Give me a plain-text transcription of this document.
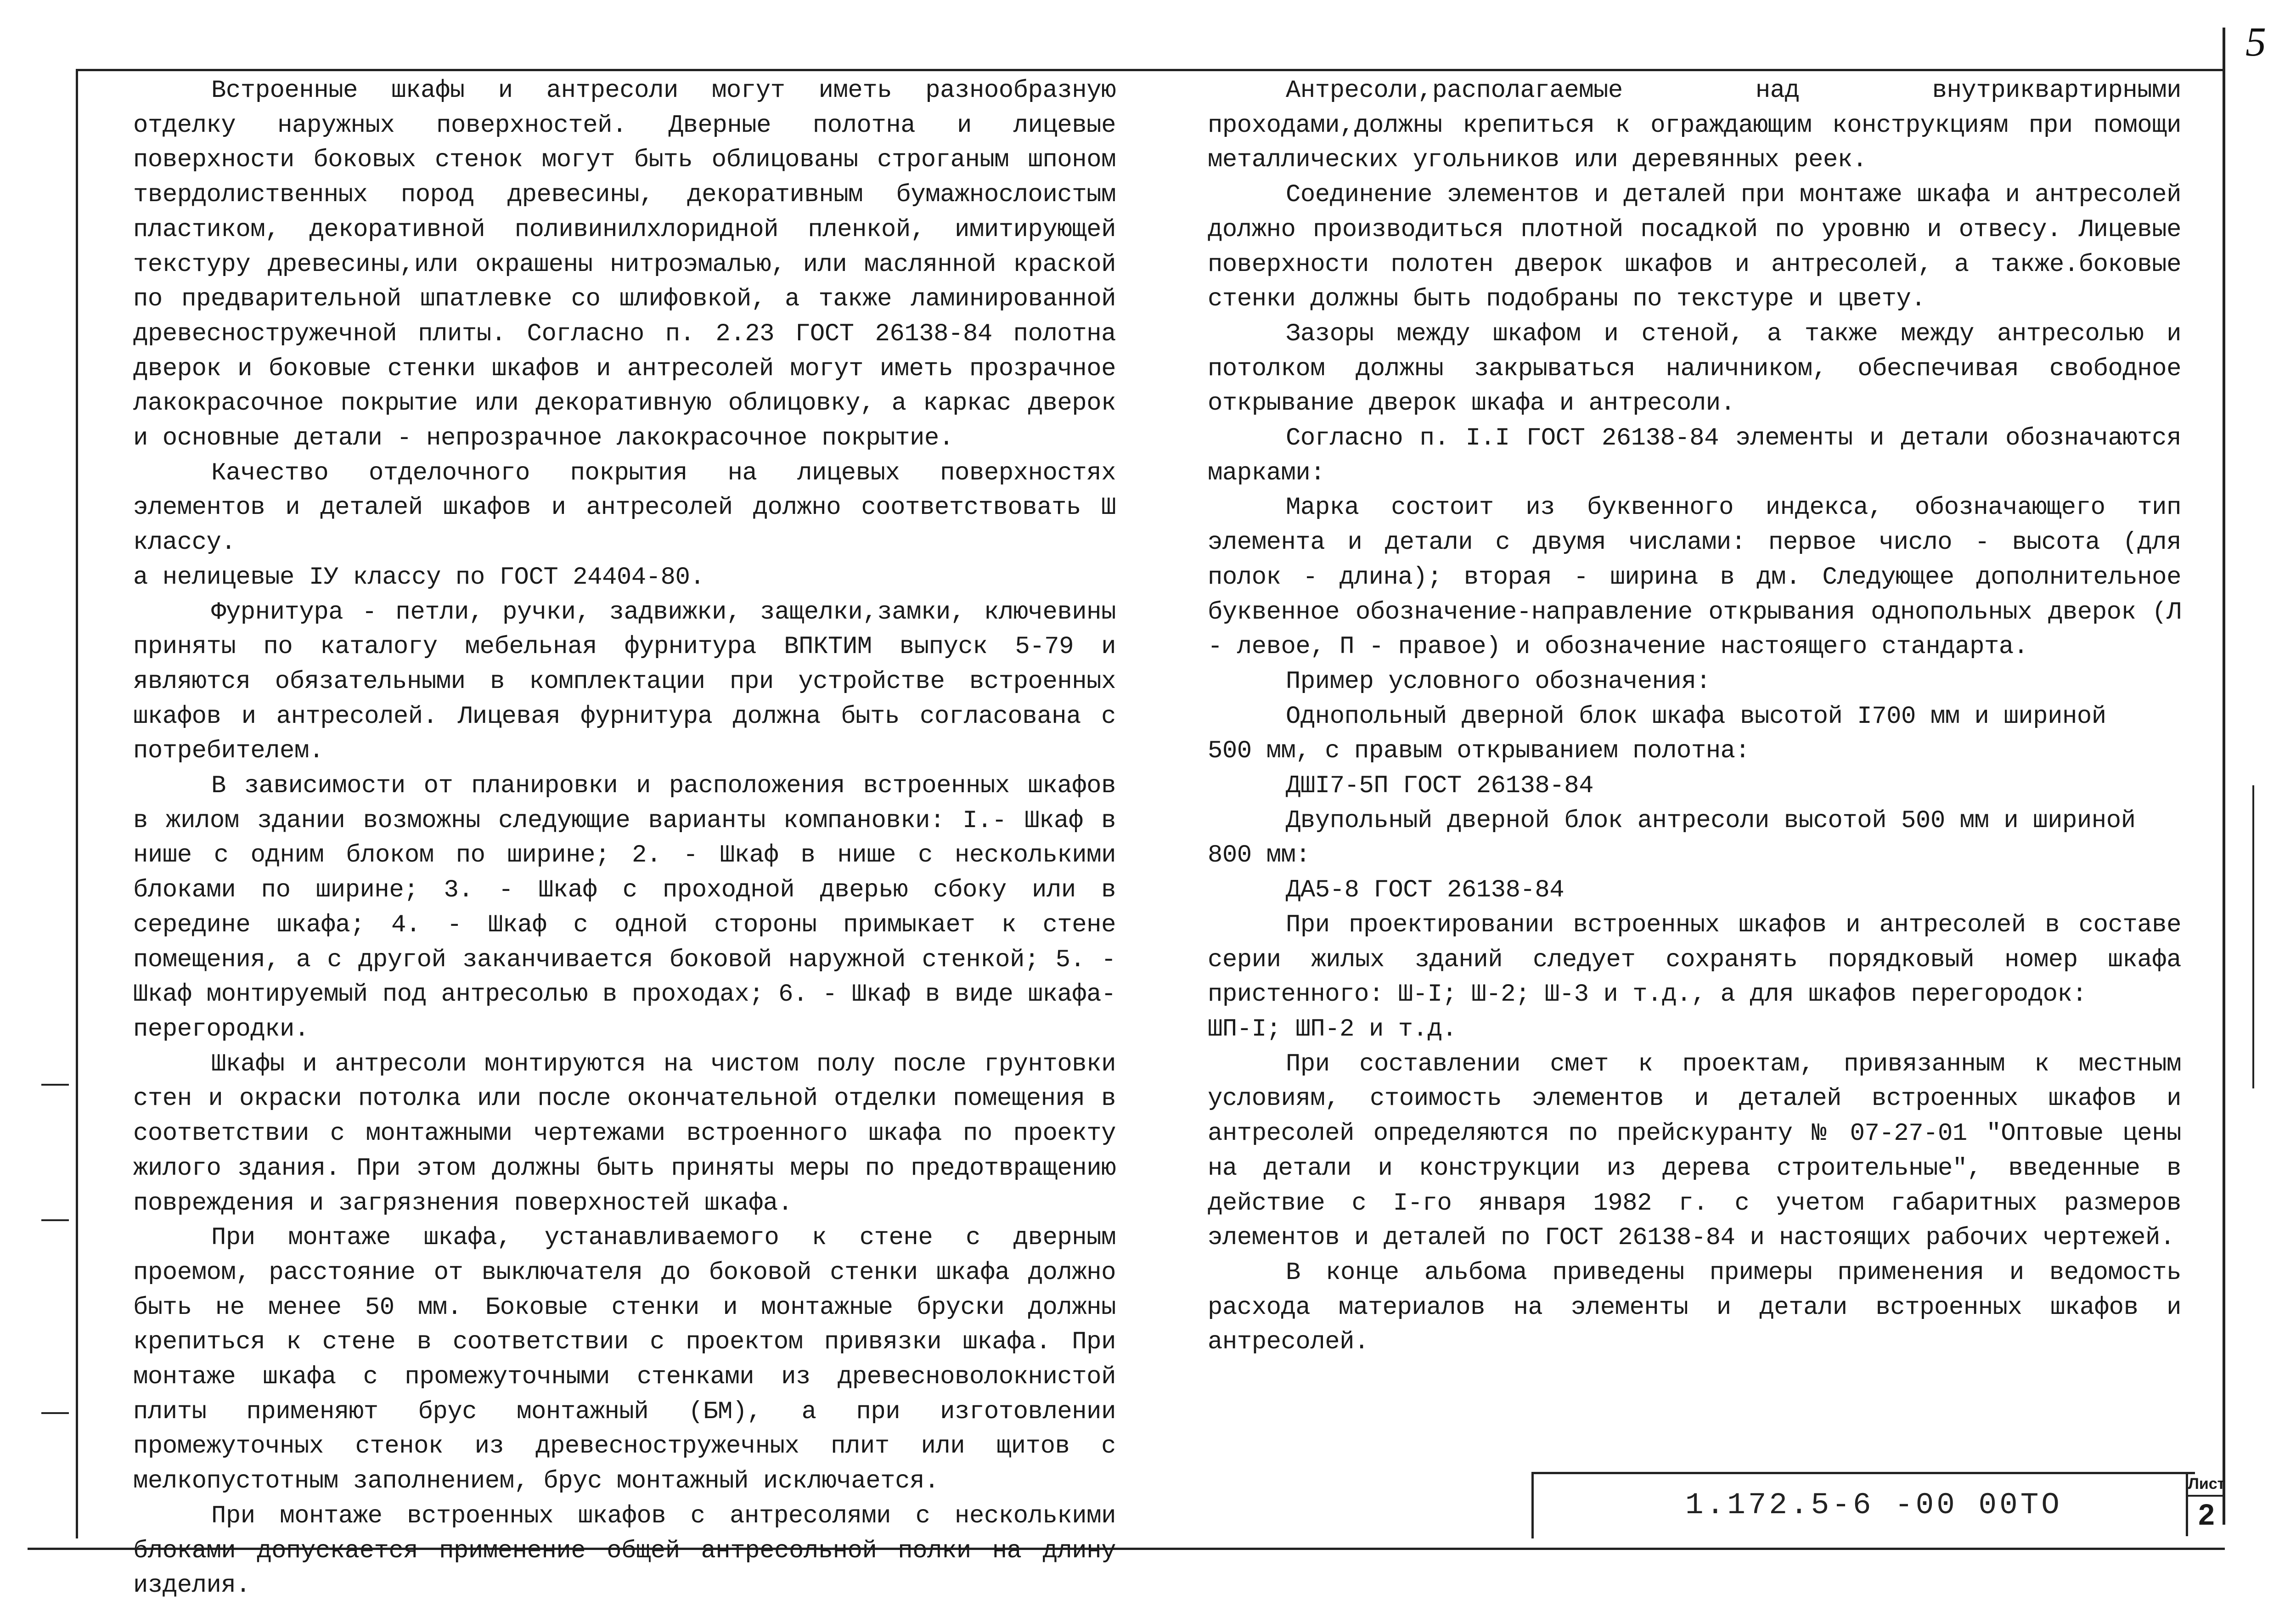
5

Встроенные шкафы и антресоли могут иметь разнообразную отделку наружных поверхностей. Дверные полотна и лицевые поверхности боковых стенок могут быть облицованы строганым шпоном твердолиственных пород древесины, декоративным бумажнослоистым пластиком, декоративной поливинилхлоридной пленкой, имитирующей текстуру древесины,или окрашены нитроэмалью, или маслянной краской по предварительной шпатлевке со шлифовкой, а также ламинированной древесностружечной плиты. Согласно п. 2.23 ГОСТ 26138-84 полотна дверок и боковые стенки шкафов и антресолей могут иметь прозрачное лакокрасочное покрытие или декоративную облицовку, а каркас дверок и основные детали - непрозрачное лакокрасочное покрытие.

Качество отделочного покрытия на лицевых поверхностях элементов и деталей шкафов и антресолей должно соответствовать Ш классу.

а нелицевые IУ классу по ГОСТ 24404-80.

Фурнитура - петли, ручки, задвижки, защелки,замки, ключевины приняты по каталогу мебельная фурнитура ВПКТИМ выпуск 5-79 и являются обязательными в комплектации при устройстве встроенных шкафов и антресолей. Лицевая фурнитура должна быть согласована с потребителем.

В зависимости от планировки и расположения встроенных шкафов в жилом здании возможны следующие варианты компановки: I.- Шкаф в нише с одним блоком по ширине; 2. - Шкаф в нише с несколькими блоками по ширине; 3. - Шкаф с проходной дверью сбоку или в середине шкафа; 4. - Шкаф с одной стороны примыкает к стене помещения, а с другой заканчивается боковой наружной стенкой; 5. - Шкаф монтируемый под антресолью в проходах; 6. - Шкаф в виде шкафа-перегородки.

Шкафы и антресоли монтируются на чистом полу после грунтовки стен и окраски потолка или после окончательной отделки помещения в соответствии с монтажными чертежами встроенного шкафа по проекту жилого здания. При этом должны быть приняты меры по предотвращению повреждения и загрязнения поверхностей шкафа.

При монтаже шкафа, устанавливаемого к стене с дверным проемом, расстояние от выключателя до боковой стенки шкафа должно быть не менее 50 мм. Боковые стенки и монтажные бруски должны крепиться к стене в соответствии с проектом привязки шкафа. При монтаже шкафа с промежуточными стенками из древесноволокнистой плиты применяют брус монтажный (БМ), а при изготовлении промежуточных стенок из древесностружечных плит или щитов с мелкопустотным заполнением, брус монтажный исключается.

При монтаже встроенных шкафов с антресолями с несколькими блоками допускается применение общей антресольной полки на длину изделия.

Антресоли,располагаемые над внутриквартирными проходами,должны крепиться к ограждающим конструкциям при помощи металлических угольников или деревянных реек.

Соединение элементов и деталей при монтаже шкафа и антресолей должно производиться плотной посадкой по уровню и отвесу. Лицевые поверхности полотен дверок шкафов и антресолей, а также.боковые стенки должны быть подобраны по текстуре и цвету.

Зазоры между шкафом и стеной, а также между антресолью и потолком должны закрываться наличником, обеспечивая свободное открывание дверок шкафа и антресоли.

Согласно п. I.I ГОСТ 26138-84 элементы и детали обозначаются марками:

Марка состоит из буквенного индекса, обозначающего тип элемента и детали с двумя числами: первое число - высота (для полок - длина); вторая - ширина в дм. Следующее дополнительное буквенное обозначение-направление открывания однопольных дверок (Л - левое, П - правое) и обозначение настоящего стандарта.

Пример условного обозначения:

Однопольный дверной блок шкафа высотой I700 мм и шириной

500 мм, с правым открыванием полотна:

ДШI7-5П ГОСТ 26138-84

Двупольный дверной блок антресоли высотой 500 мм и шириной

800 мм:

ДА5-8 ГОСТ 26138-84

При проектировании встроенных шкафов и антресолей в составе серии жилых зданий следует сохранять порядковый номер шкафа пристенного: Ш-I; Ш-2; Ш-3 и т.д., а для шкафов перегородок:

ШП-I; ШП-2 и т.д.

При составлении смет к проектам, привязанным к местным условиям, стоимость элементов и деталей встроенных шкафов и антресолей определяются по прейскуранту № 07-27-01 "Оптовые цены на детали и конструкции из дерева строительные", введенные в действие с I-го января 1982 г. с учетом габаритных размеров элементов и деталей по ГОСТ 26138-84 и настоящих рабочих чертежей.

В конце альбома приведены примеры применения и ведомость расхода материалов на элементы и детали встроенных шкафов и антресолей.

1.172.5-6 -00 00ТО
Лист
2
